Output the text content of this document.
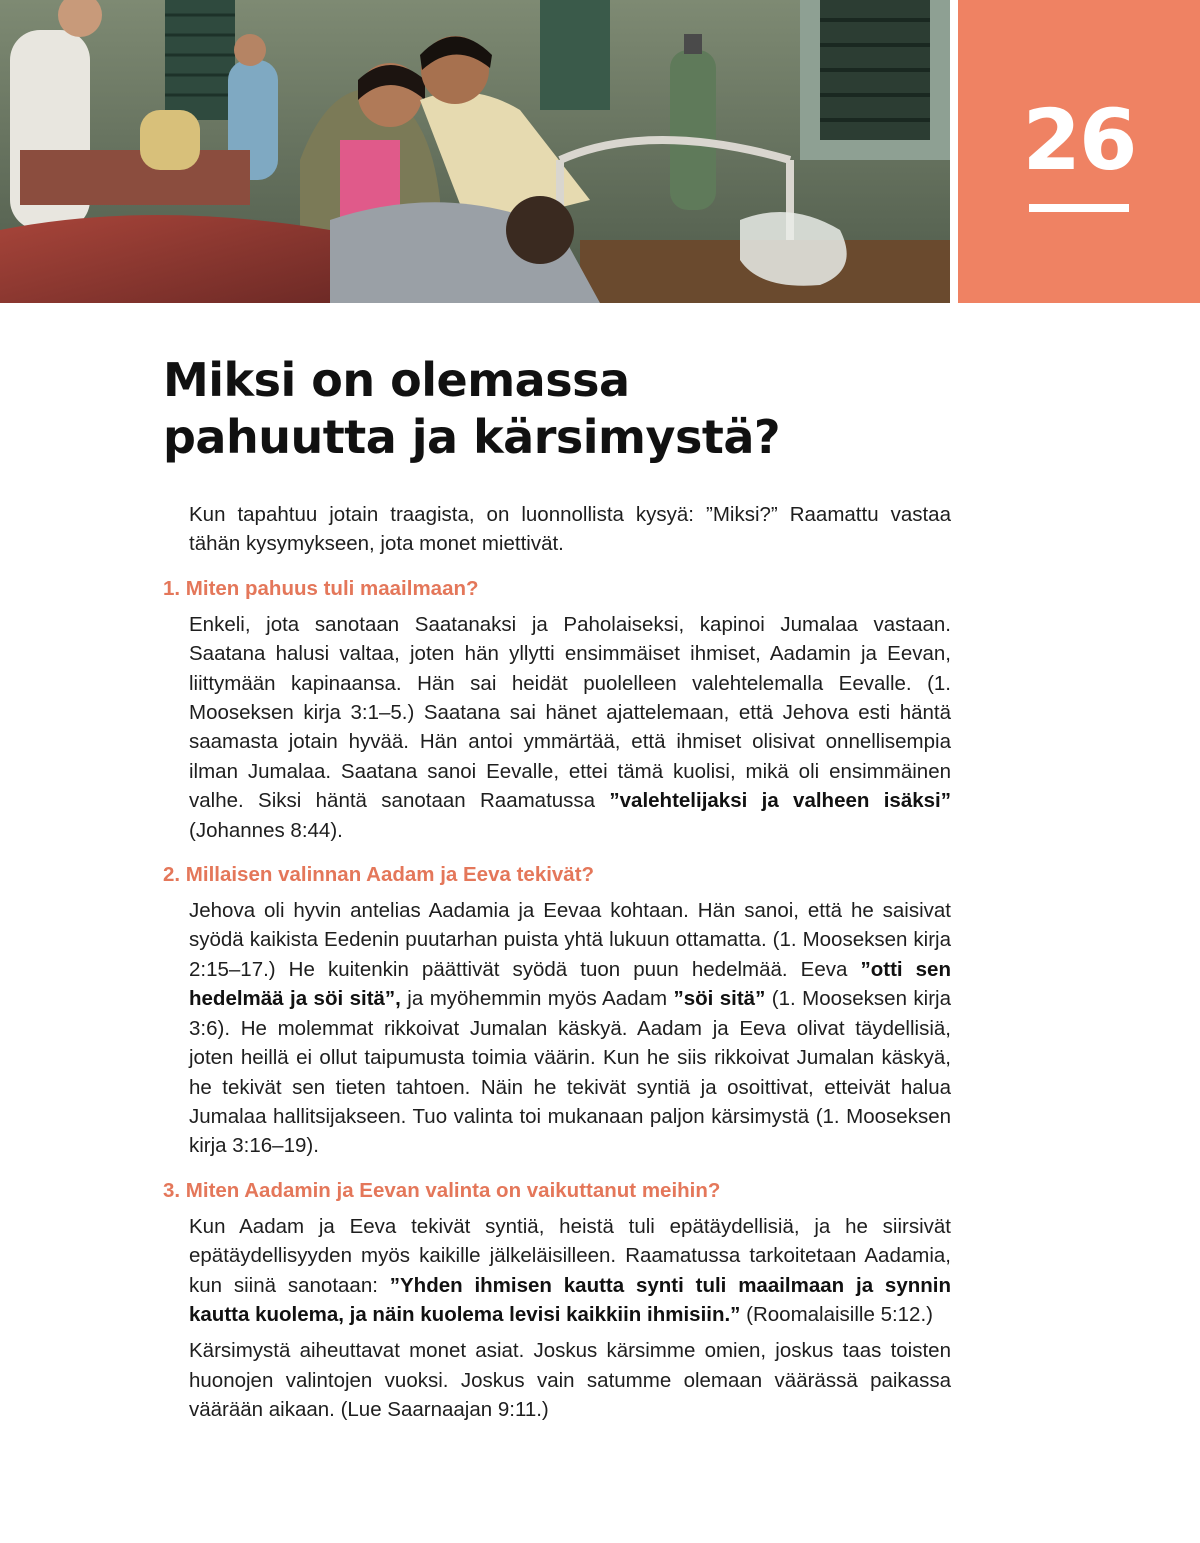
26
Miksi on olemassa
pahuutta ja kärsimystä?

Kun tapahtuu jotain traagista, on luonnollista kysyä: ”Miksi?” Raamattu vastaa tähän kysymykseen, jota monet miettivät.

1. Miten pahuus tuli maailmaan?

Enkeli, jota sanotaan Saatanaksi ja Paholaiseksi, kapinoi Jumalaa vastaan. Saatana halusi valtaa, joten hän yllytti ensimmäiset ihmiset, Aadamin ja Eevan, liittymään kapinaansa. Hän sai heidät puolelleen valehtelemalla Eevalle. (1. Mooseksen kirja 3:1–5.) Saatana sai hänet ajattelemaan, että Jehova esti häntä saamasta jotain hyvää. Hän antoi ymmärtää, että ihmiset olisivat onnellisempia ilman Jumalaa. Saatana sanoi Eevalle, ettei tämä kuolisi, mikä oli ensimmäinen valhe. Siksi häntä sanotaan Raamatussa ”valehtelijaksi ja valheen isäksi” (Johannes 8:44).

2. Millaisen valinnan Aadam ja Eeva tekivät?

Jehova oli hyvin antelias Aadamia ja Eevaa kohtaan. Hän sanoi, että he saisivat syödä kaikista Eedenin puutarhan puista yhtä lukuun ottamatta. (1. Mooseksen kirja 2:15–17.) He kuitenkin päättivät syödä tuon puun hedelmää. Eeva ”otti sen hedelmää ja söi sitä”, ja myöhemmin myös Aadam ”söi sitä” (1. Mooseksen kirja 3:6). He molemmat rikkoivat Jumalan käskyä. Aadam ja Eeva olivat täydellisiä, joten heillä ei ollut taipumusta toimia väärin. Kun he siis rikkoivat Jumalan käskyä, he tekivät sen tieten tahtoen. Näin he tekivät syntiä ja osoittivat, etteivät halua Jumalaa hallitsijakseen. Tuo valinta toi mukanaan paljon kärsimystä (1. Mooseksen kirja 3:16–19).

3. Miten Aadamin ja Eevan valinta on vaikuttanut meihin?

Kun Aadam ja Eeva tekivät syntiä, heistä tuli epätäydellisiä, ja he siirsivät epätäydellisyyden myös kaikille jälkeläisilleen. Raamatussa tarkoitetaan Aadamia, kun siinä sanotaan: ”Yhden ihmisen kautta synti tuli maailmaan ja synnin kautta kuolema, ja näin kuolema levisi kaikkiin ihmisiin.” (Roomalaisille 5:12.)

Kärsimystä aiheuttavat monet asiat. Joskus kärsimme omien, joskus taas toisten huonojen valintojen vuoksi. Joskus vain satumme olemaan väärässä paikassa väärään aikaan. (Lue Saarnaajan 9:11.)
